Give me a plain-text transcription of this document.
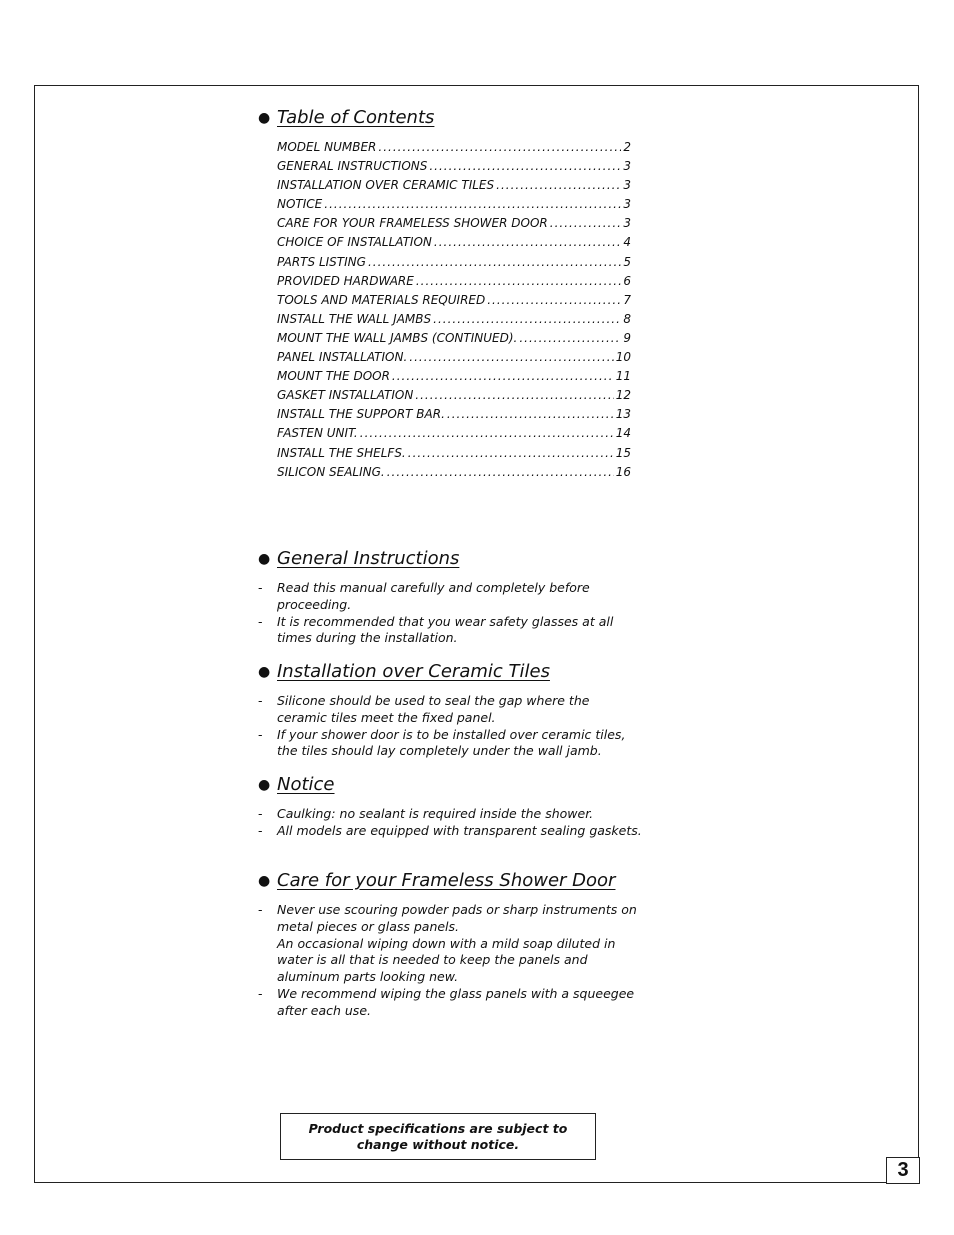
● Table of Contents
MODEL NUMBER .....	2
GENERAL INSTRUCTIONS .....	3
INSTALLATION OVER CERAMIC TILES .....	3
NOTICE .....	3
CARE FOR YOUR FRAMELESS SHOWER DOOR .....	3
CHOICE OF INSTALLATION .....	4
PARTS LISTING .....	5
PROVIDED HARDWARE .....	6
TOOLS AND MATERIALS REQUIRED .....	7
INSTALL THE WALL JAMBS .....	8
MOUNT THE WALL JAMBS (CONTINUED). .....	9
PANEL INSTALLATION. .....	10
MOUNT THE DOOR .....	11
GASKET INSTALLATION .....	12
INSTALL THE SUPPORT BAR. .....	13
FASTEN UNIT. .....	14
INSTALL THE SHELFS. .....	15
SILICON SEALING. .....	16
● General Instructions
-	Read this manual carefully and completely before proceeding.
-	It is recommended that you wear safety glasses at all times during the installation.
● Installation over Ceramic Tiles
-	Silicone should be used to seal the gap where the ceramic tiles meet the fixed panel.
-	If your shower door is to be installed over ceramic tiles, the tiles should lay completely under the wall jamb.
● Notice
-	Caulking: no sealant is required inside the shower.
-	All models are equipped with transparent sealing gaskets.
● Care for your Frameless Shower Door
-	Never use scouring powder pads or sharp instruments on metal pieces or glass panels.
An occasional wiping down with a mild soap diluted in water is all that is needed to keep the panels and aluminum parts looking new.
-	We recommend wiping the glass panels with a squeegee after each use.
Product specifications are subject to change without notice.
3
